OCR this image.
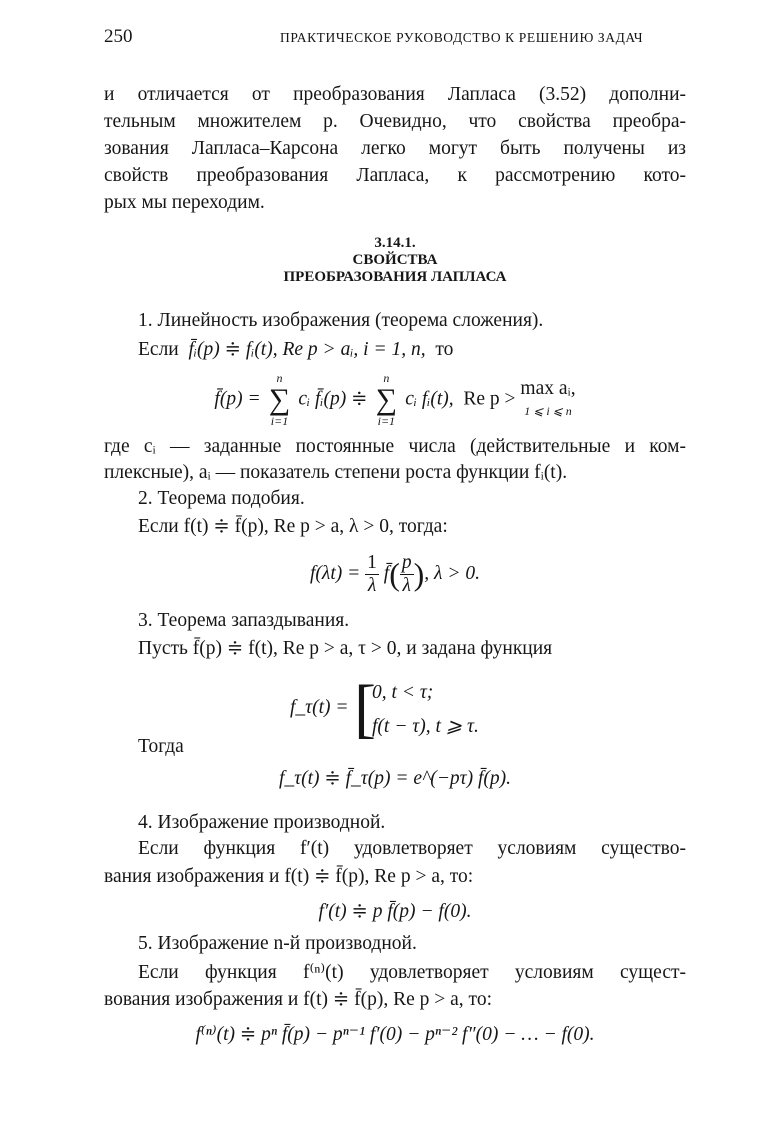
250	ПРАКТИЧЕСКОЕ РУКОВОДСТВО К РЕШЕНИЮ ЗАДАЧ
и отличается от преобразования Лапласа (3.52) дополни-
тельным множителем p. Очевидно, что свойства преобра-
зования Лапласа–Карсона легко могут быть получены из
свойств преобразования Лапласа, к рассмотрению кото-
рых мы переходим.
3.14.1.
СВОЙСТВА
ПРЕОБРАЗОВАНИЯ ЛАПЛАСА
1. Линейность изображения (теорема сложения).
Если f̄ᵢ(p) ≑ fᵢ(t), Re p > aᵢ, i = 1, n, то
f̄(p) =
n
∑
i=1
cᵢ f̄ᵢ(p) ≑
n
∑
i=1
cᵢ fᵢ(t), Re p > max aᵢ,
1 ⩽ i ⩽ n
где cᵢ — заданные постоянные числа (действительные и ком-
плексные), aᵢ — показатель степени роста функции fᵢ(t).
2. Теорема подобия.
Если f(t) ≑ f̄(p), Re p > a, λ > 0, тогда:
$f(\lambda t) = \frac{1}{\lambda}$ f̄( $\frac{p}{\lambda}$ ), λ > 0.
3. Теорема запаздывания.
Пусть f̄(p) ≑ f(t), Re p > a, τ > 0, и задана функция
f_τ(t) = [
0, t < τ;
f(t − τ), t ⩾ τ.
Тогда
f_τ(t) ≑ f̄_τ(p) = e^(−pτ) f̄(p).
4. Изображение производной.
Если функция f′(t) удовлетворяет условиям существо-
вания изображения и f(t) ≑ f̄(p), Re p > a, то:
f′(t) ≑ p f̄(p) − f(0).
5. Изображение n-й производной.
Если функция f⁽ⁿ⁾(t) удовлетворяет условиям сущест-
вования изображения и f(t) ≑ f̄(p), Re p > a, то:
f⁽ⁿ⁾(t) ≑ pⁿ f̄(p) − pⁿ⁻¹ f′(0) − pⁿ⁻² f″(0) − … − f(0).
